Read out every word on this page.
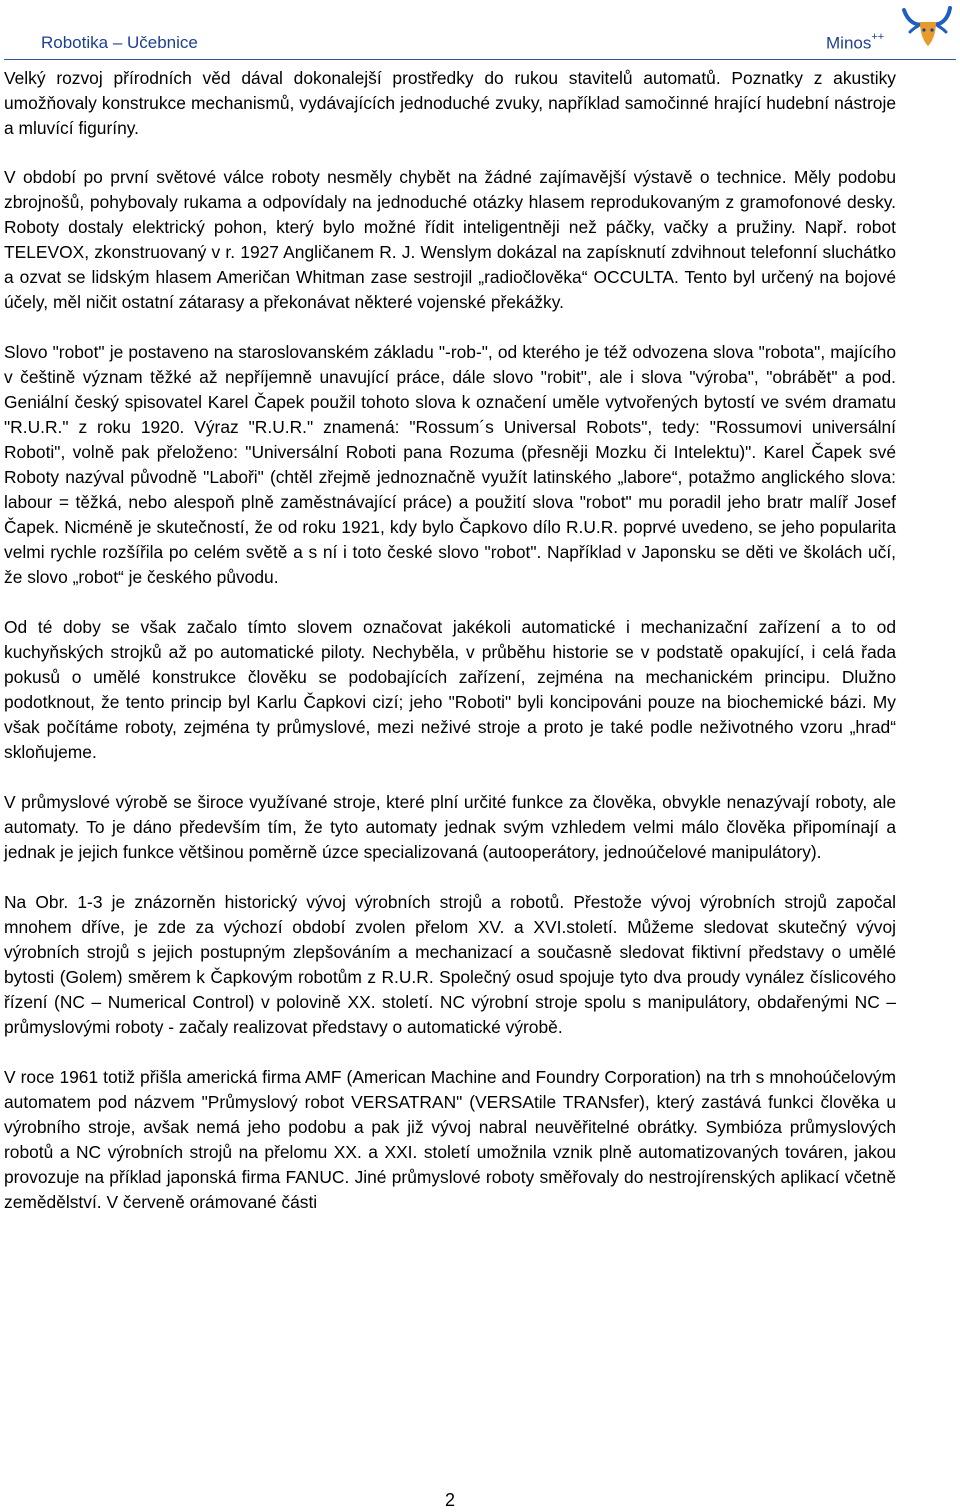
Robotika – Učebnice	Minos++

Velký rozvoj přírodních věd dával dokonalejší prostředky do rukou stavitelů automatů. Poznatky z akustiky umožňovaly konstrukce mechanismů, vydávajících jednoduché zvuky, například samočinné hrající hudební nástroje a mluvící figuríny.

V období po první světové válce roboty nesměly chybět na žádné zajímavější výstavě o technice. Měly podobu zbrojnošů, pohybovaly rukama a odpovídaly na jednoduché otázky hlasem reprodukovaným z gramofonové desky. Roboty dostaly elektrický pohon, který bylo možné řídit inteligentněji než páčky, vačky a pružiny. Např. robot TELEVOX, zkonstruovaný v r. 1927 Angličanem R. J. Wenslym dokázal na zapísknutí zdvihnout telefonní sluchátko a ozvat se lidským hlasem Američan Whitman zase sestrojil „radiočlověka“ OCCULTA. Tento byl určený na bojové účely, měl ničit ostatní zátarasy a překonávat některé vojenské překážky.

Slovo "robot" je postaveno na staroslovanském základu "-rob-", od kterého je též odvozena slova "robota", majícího v češtině význam těžké až nepříjemně unavující práce, dále slovo "robit", ale i slova "výroba", "obrábět" a pod. Geniální český spisovatel Karel Čapek použil tohoto slova k označení uměle vytvořených bytostí ve svém dramatu "R.U.R." z roku 1920. Výraz "R.U.R." znamená: "Rossum´s Universal Robots", tedy: "Rossumovi universální Roboti", volně pak přeloženo: "Universální Roboti pana Rozuma (přesněji Mozku či Intelektu)". Karel Čapek své Roboty nazýval původně "Laboři" (chtěl zřejmě jednoznačně využít latinského „labore“, potažmo anglického slova: labour = těžká, nebo alespoň plně zaměstnávající práce) a použití slova "robot" mu poradil jeho bratr malíř Josef Čapek. Nicméně je skutečností, že od roku 1921, kdy bylo Čapkovo dílo R.U.R. poprvé uvedeno, se jeho popularita velmi rychle rozšířila po celém světě a s ní i toto české slovo "robot". Například v Japonsku se děti ve školách učí, že slovo „robot“ je českého původu.

Od té doby se však začalo tímto slovem označovat jakékoli automatické i mechanizační zařízení a to od kuchyňských strojků až po automatické piloty. Nechyběla, v průběhu historie se v podstatě opakující, i celá řada pokusů o umělé konstrukce člověku se podobajících zařízení, zejména na mechanickém principu. Dlužno podotknout, že tento princip byl Karlu Čapkovi cizí; jeho "Roboti" byli koncipováni pouze na biochemické bázi. My však počítáme roboty, zejména ty průmyslové, mezi neživé stroje a proto je také podle neživotného vzoru „hrad“ skloňujeme.

V průmyslové výrobě se široce využívané stroje, které plní určité funkce za člověka, obvykle nenazývají roboty, ale automaty. To je dáno především tím, že tyto automaty jednak svým vzhledem velmi málo člověka připomínají a jednak je jejich funkce většinou poměrně úzce specializovaná (autooperátory, jednoúčelové manipulátory).

Na Obr. 1-3 je znázorněn historický vývoj výrobních strojů a robotů. Přestože vývoj výrobních strojů započal mnohem dříve, je zde za výchozí období zvolen přelom XV. a XVI.století. Můžeme sledovat skutečný vývoj výrobních strojů s jejich postupným zlepšováním a mechanizací a současně sledovat fiktivní představy o umělé bytosti (Golem) směrem k Čapkovým robotům z R.U.R. Společný osud spojuje tyto dva proudy vynález číslicového řízení (NC – Numerical Control) v polovině XX. století. NC výrobní stroje spolu s manipulátory, obdařenými NC – průmyslovými roboty - začaly realizovat představy o automatické výrobě.

V roce 1961 totiž přišla americká firma AMF (American Machine and Foundry Corporation) na trh s mnohoúčelovým automatem pod názvem "Průmyslový robot VERSATRAN" (VERSAtile TRANsfer), který zastává funkci člověka u výrobního stroje, avšak nemá jeho podobu a pak již vývoj nabral neuvěřitelné obrátky. Symbióza průmyslových robotů a NC výrobních strojů na přelomu XX. a XXI. století umožnila vznik plně automatizovaných továren, jakou provozuje na příklad japonská firma FANUC. Jiné průmyslové roboty směřovaly do nestrojírenských aplikací včetně zemědělství. V červeně orámované části

2
